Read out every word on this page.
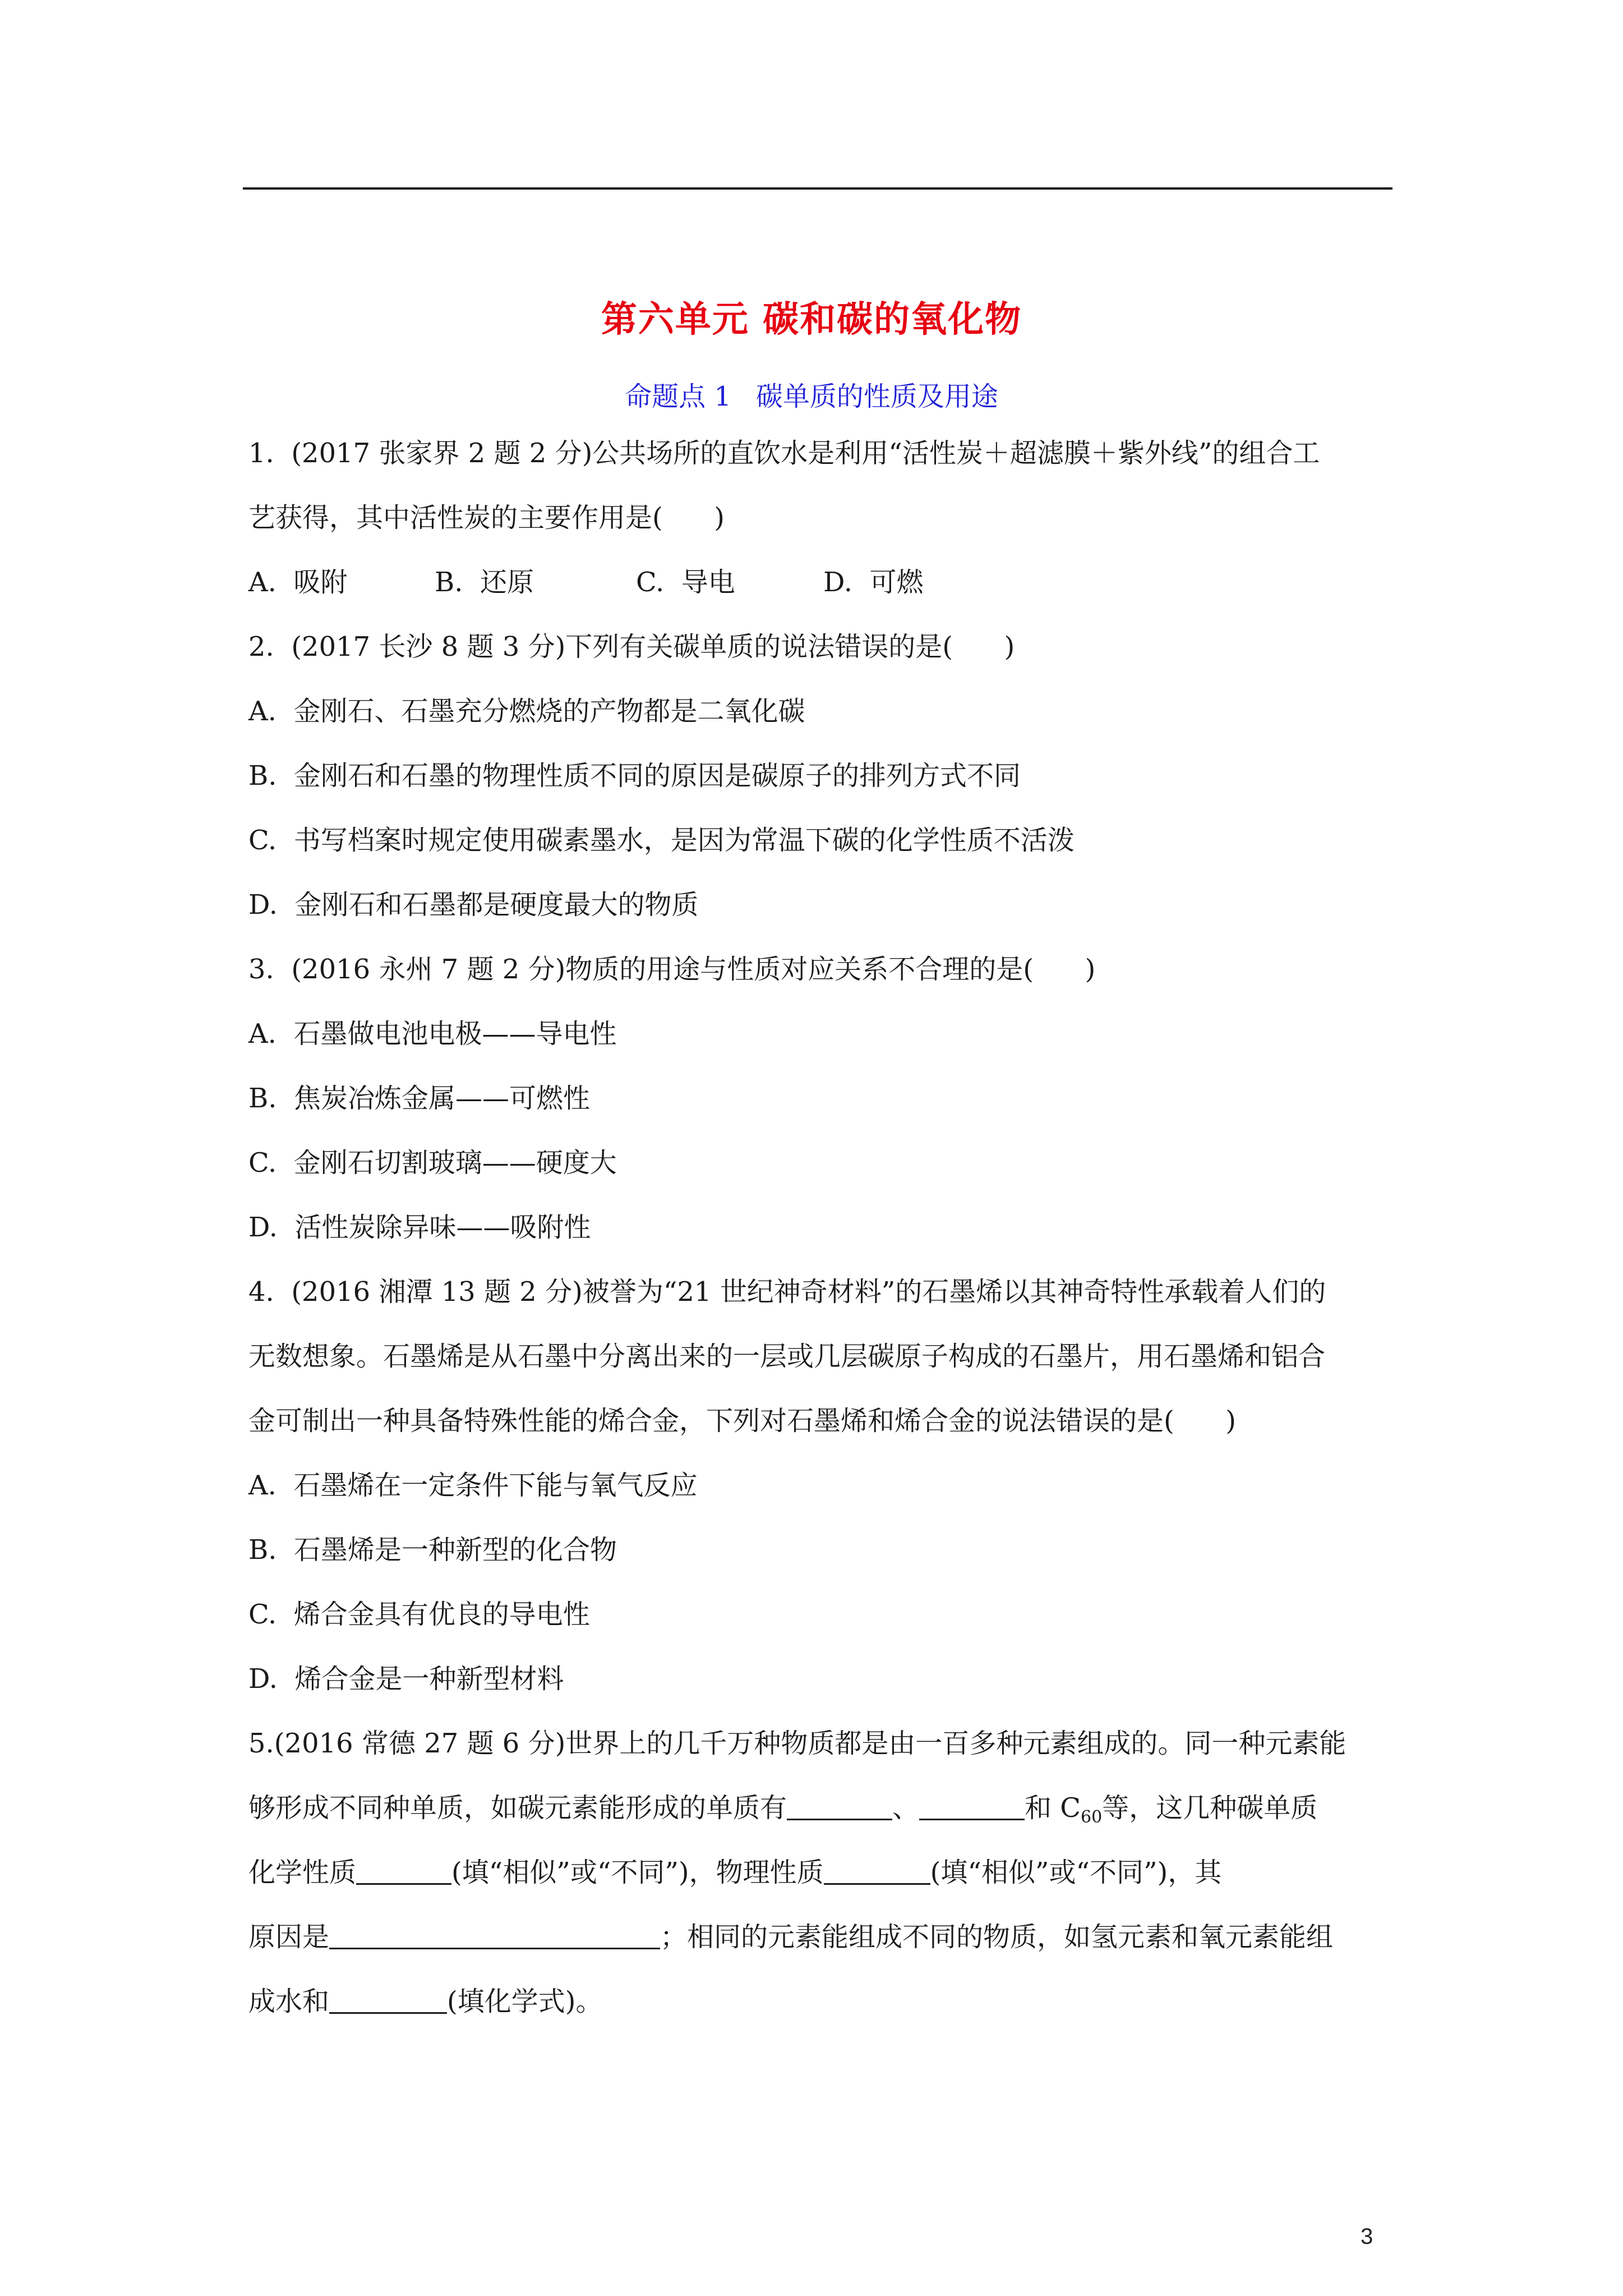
第六单元 碳和碳的氧化物
命题点 1 碳单质的性质及用途
1.  (2017 张家界 2 题 2 分)公共场所的直饮水是利用“活性炭＋超滤膜＋紫外线”的组合工
艺获得，其中活性炭的主要作用是(      )

A.  吸附

	B.  还原

	C.  导电

	D.  可燃

2.  (2017 长沙 8 题 3 分)下列有关碳单质的说法错误的是(      )
A.  金刚石、石墨充分燃烧的产物都是二氧化碳
B.  金刚石和石墨的物理性质不同的原因是碳原子的排列方式不同
C.  书写档案时规定使用碳素墨水，是因为常温下碳的化学性质不活泼
D.  金刚石和石墨都是硬度最大的物质
3.  (2016 永州 7 题 2 分)物质的用途与性质对应关系不合理的是(      )
A.  石墨做电池电极——导电性
B.  焦炭冶炼金属——可燃性
C.  金刚石切割玻璃——硬度大
D.  活性炭除异味——吸附性
4.  (2016 湘潭 13 题 2 分)被誉为“21 世纪神奇材料”的石墨烯以其神奇特性承载着人们的
无数想象。石墨烯是从石墨中分离出来的一层或几层碳原子构成的石墨片，用石墨烯和铝合
金可制出一种具备特殊性能的烯合金，下列对石墨烯和烯合金的说法错误的是(      )
A.  石墨烯在一定条件下能与氧气反应
B.  石墨烯是一种新型的化合物
C.  烯合金具有优良的导电性
D.  烯合金是一种新型材料
5.(2016 常德 27 题 6 分)世界上的几千万种物质都是由一百多种元素组成的。同一种元素能
够形成不同种单质，如碳元素能形成的单质有	、	和 $C_{60}$等，这几种碳单质
化学性质	(填“相似”或“不同”)，物理性质	(填“相似”或“不同”)，其
原因是	；相同的元素能组成不同的物质，如氢元素和氧元素能组
成水和	(填化学式)。
3
